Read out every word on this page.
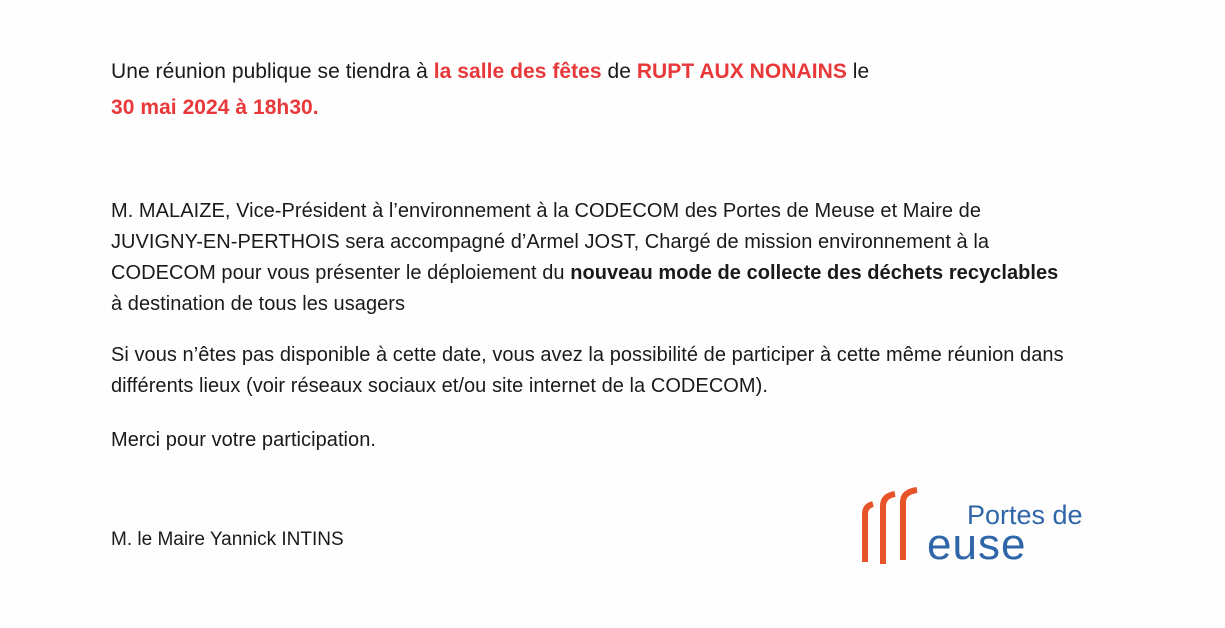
Une réunion publique se tiendra à la salle des fêtes de RUPT AUX NONAINS le
30 mai 2024 à 18h30.
M. MALAIZE, Vice-Président à l’environnement à la CODECOM des Portes de Meuse et Maire de JUVIGNY-EN-PERTHOIS sera accompagné d’Armel JOST, Chargé de mission environnement à la CODECOM pour vous présenter le déploiement du nouveau mode de collecte des déchets recyclables à destination de tous les usagers
Si vous n’êtes pas disponible à cette date, vous avez la possibilité de participer à cette même réunion dans différents lieux (voir réseaux sociaux et/ou site internet de la CODECOM).
Merci pour votre participation.
M. le Maire Yannick INTINS
Portes de
euse
